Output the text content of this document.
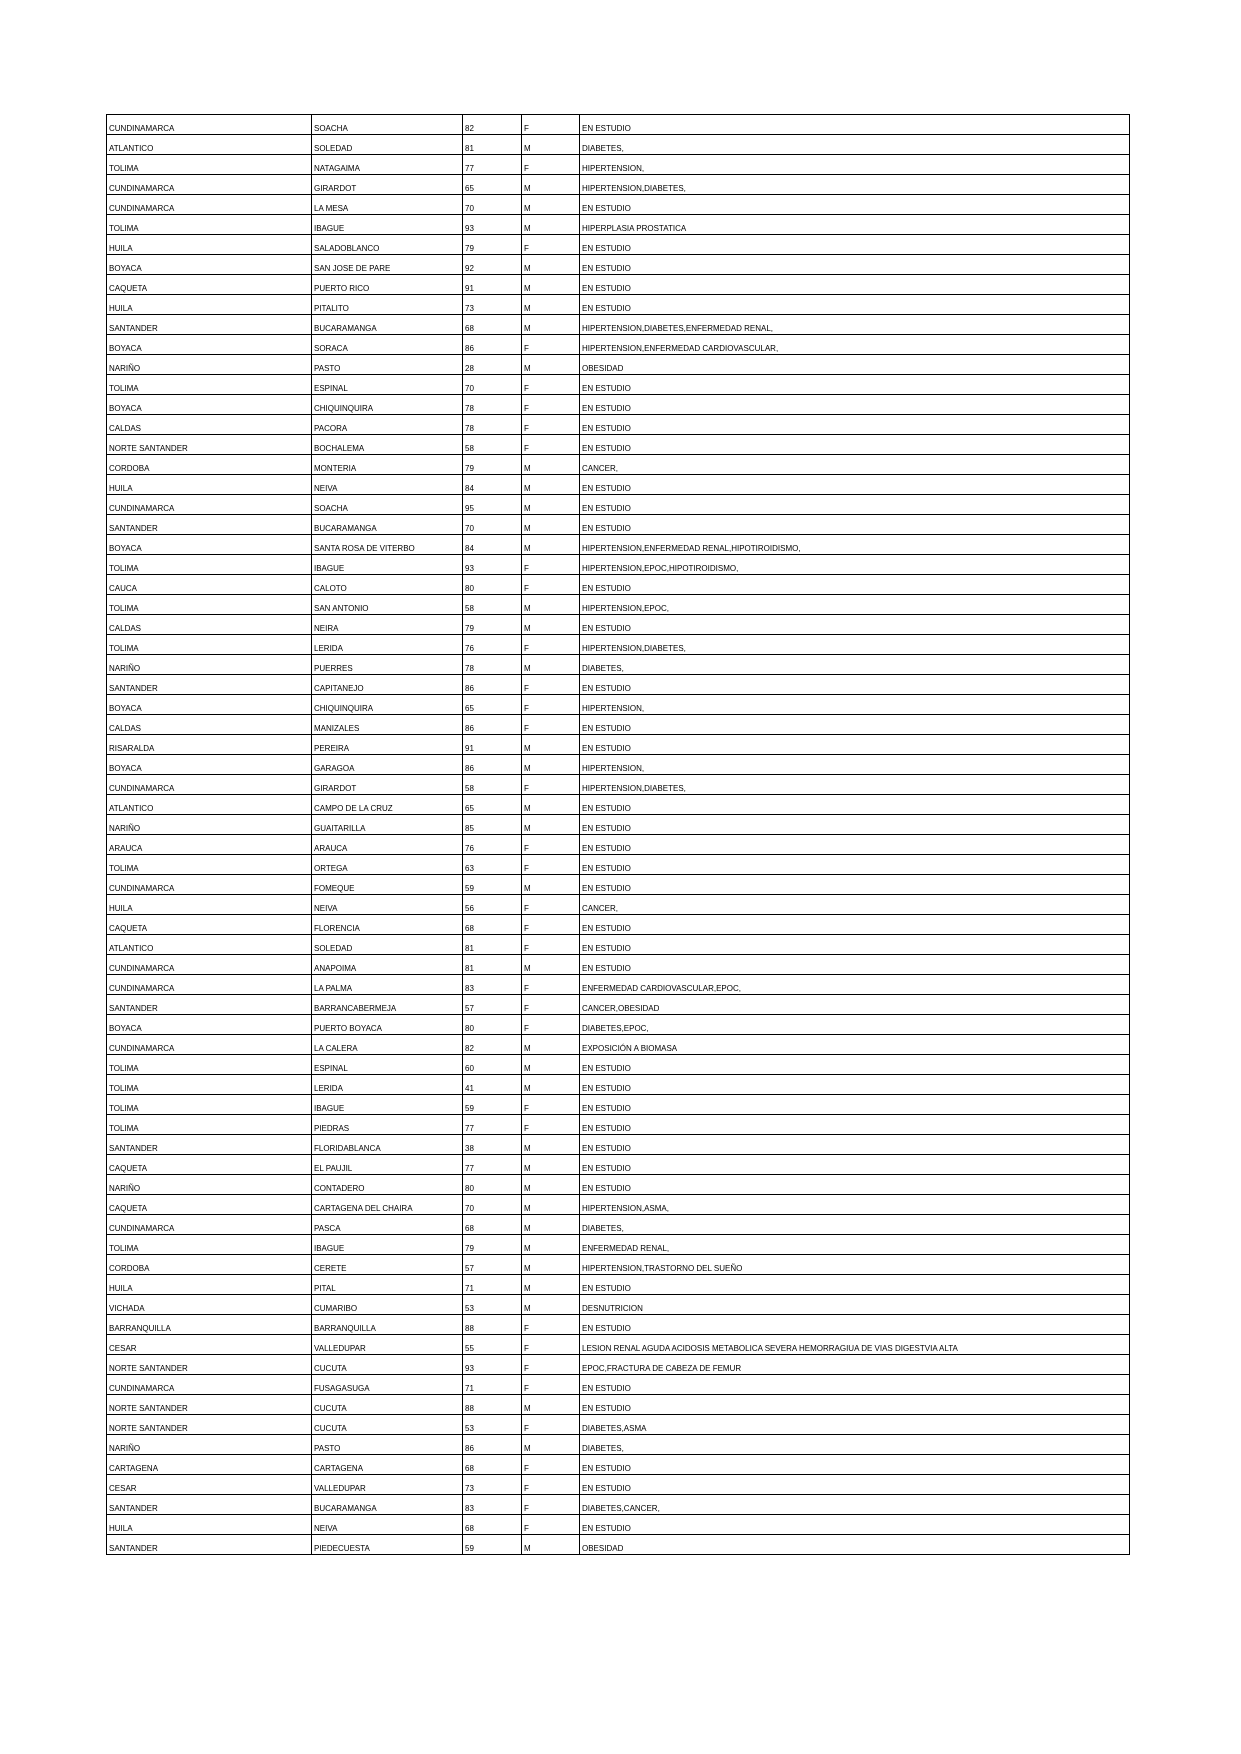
CUNDINAMARCA	SOACHA	82	F	EN ESTUDIO
ATLANTICO	SOLEDAD	81	M	DIABETES,
TOLIMA	NATAGAIMA	77	F	HIPERTENSION,
CUNDINAMARCA	GIRARDOT	65	M	HIPERTENSION,DIABETES,
CUNDINAMARCA	LA MESA	70	M	EN ESTUDIO
TOLIMA	IBAGUE	93	M	HIPERPLASIA PROSTATICA
HUILA	SALADOBLANCO	79	F	EN ESTUDIO
BOYACA	SAN JOSE DE PARE	92	M	EN ESTUDIO
CAQUETA	PUERTO RICO	91	M	EN ESTUDIO
HUILA	PITALITO	73	M	EN ESTUDIO
SANTANDER	BUCARAMANGA	68	M	HIPERTENSION,DIABETES,ENFERMEDAD RENAL,
BOYACA	SORACA	86	F	HIPERTENSION,ENFERMEDAD CARDIOVASCULAR,
NARIÑO	PASTO	28	M	OBESIDAD
TOLIMA	ESPINAL	70	F	EN ESTUDIO
BOYACA	CHIQUINQUIRA	78	F	EN ESTUDIO
CALDAS	PACORA	78	F	EN ESTUDIO
NORTE SANTANDER	BOCHALEMA	58	F	EN ESTUDIO
CORDOBA	MONTERIA	79	M	CANCER,
HUILA	NEIVA	84	M	EN ESTUDIO
CUNDINAMARCA	SOACHA	95	M	EN ESTUDIO
SANTANDER	BUCARAMANGA	70	M	EN ESTUDIO
BOYACA	SANTA ROSA DE VITERBO	84	M	HIPERTENSION,ENFERMEDAD RENAL,HIPOTIROIDISMO,
TOLIMA	IBAGUE	93	F	HIPERTENSION,EPOC,HIPOTIROIDISMO,
CAUCA	CALOTO	80	F	EN ESTUDIO
TOLIMA	SAN ANTONIO	58	M	HIPERTENSION,EPOC,
CALDAS	NEIRA	79	M	EN ESTUDIO
TOLIMA	LERIDA	76	F	HIPERTENSION,DIABETES,
NARIÑO	PUERRES	78	M	DIABETES,
SANTANDER	CAPITANEJO	86	F	EN ESTUDIO
BOYACA	CHIQUINQUIRA	65	F	HIPERTENSION,
CALDAS	MANIZALES	86	F	EN ESTUDIO
RISARALDA	PEREIRA	91	M	EN ESTUDIO
BOYACA	GARAGOA	86	M	HIPERTENSION,
CUNDINAMARCA	GIRARDOT	58	F	HIPERTENSION,DIABETES,
ATLANTICO	CAMPO DE LA CRUZ	65	M	EN ESTUDIO
NARIÑO	GUAITARILLA	85	M	EN ESTUDIO
ARAUCA	ARAUCA	76	F	EN ESTUDIO
TOLIMA	ORTEGA	63	F	EN ESTUDIO
CUNDINAMARCA	FOMEQUE	59	M	EN ESTUDIO
HUILA	NEIVA	56	F	CANCER,
CAQUETA	FLORENCIA	68	F	EN ESTUDIO
ATLANTICO	SOLEDAD	81	F	EN ESTUDIO
CUNDINAMARCA	ANAPOIMA	81	M	EN ESTUDIO
CUNDINAMARCA	LA PALMA	83	F	ENFERMEDAD CARDIOVASCULAR,EPOC,
SANTANDER	BARRANCABERMEJA	57	F	CANCER,OBESIDAD
BOYACA	PUERTO BOYACA	80	F	DIABETES,EPOC,
CUNDINAMARCA	LA CALERA	82	M	EXPOSICIÓN A BIOMASA
TOLIMA	ESPINAL	60	M	EN ESTUDIO
TOLIMA	LERIDA	41	M	EN ESTUDIO
TOLIMA	IBAGUE	59	F	EN ESTUDIO
TOLIMA	PIEDRAS	77	F	EN ESTUDIO
SANTANDER	FLORIDABLANCA	38	M	EN ESTUDIO
CAQUETA	EL PAUJIL	77	M	EN ESTUDIO
NARIÑO	CONTADERO	80	M	EN ESTUDIO
CAQUETA	CARTAGENA DEL CHAIRA	70	M	HIPERTENSION,ASMA,
CUNDINAMARCA	PASCA	68	M	DIABETES,
TOLIMA	IBAGUE	79	M	ENFERMEDAD RENAL,
CORDOBA	CERETE	57	M	HIPERTENSION,TRASTORNO DEL SUEÑO
HUILA	PITAL	71	M	EN ESTUDIO
VICHADA	CUMARIBO	53	M	DESNUTRICION
BARRANQUILLA	BARRANQUILLA	88	F	EN ESTUDIO
CESAR	VALLEDUPAR	55	F	LESION RENAL AGUDA ACIDOSIS METABOLICA SEVERA HEMORRAGIUA DE VIAS DIGESTVIA ALTA
NORTE SANTANDER	CUCUTA	93	F	EPOC,FRACTURA DE CABEZA DE FEMUR
CUNDINAMARCA	FUSAGASUGA	71	F	EN ESTUDIO
NORTE SANTANDER	CUCUTA	88	M	EN ESTUDIO
NORTE SANTANDER	CUCUTA	53	F	DIABETES,ASMA
NARIÑO	PASTO	86	M	DIABETES,
CARTAGENA	CARTAGENA	68	F	EN ESTUDIO
CESAR	VALLEDUPAR	73	F	EN ESTUDIO
SANTANDER	BUCARAMANGA	83	F	DIABETES,CANCER,
HUILA	NEIVA	68	F	EN ESTUDIO
SANTANDER	PIEDECUESTA	59	M	OBESIDAD
